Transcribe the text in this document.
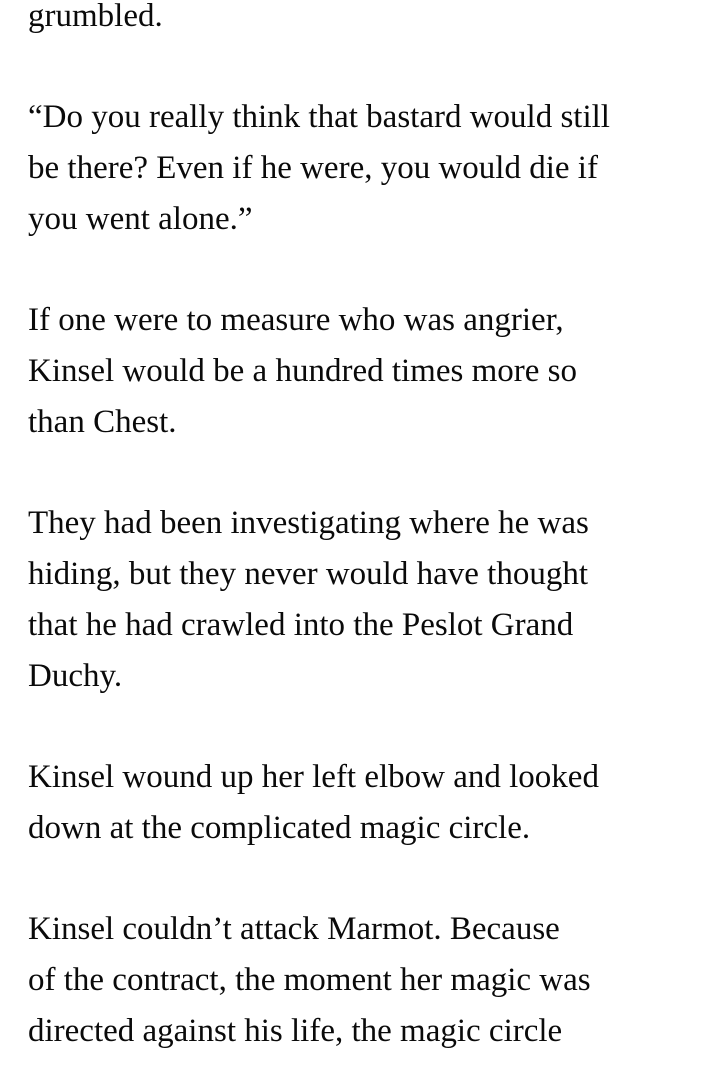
grumbled.
“Do you really think that bastard would still
be there? Even if he were, you would die if
you went alone.”
If one were to measure who was angrier,
Kinsel would be a hundred times more so
than Chest.
They had been investigating where he was
hiding, but they never would have thought
that he had crawled into the Peslot Grand
Duchy.
Kinsel wound up her left elbow and looked
down at the complicated magic circle.
Kinsel couldn’t attack Marmot. Because
of the contract, the moment her magic was
directed against his life, the magic circle
